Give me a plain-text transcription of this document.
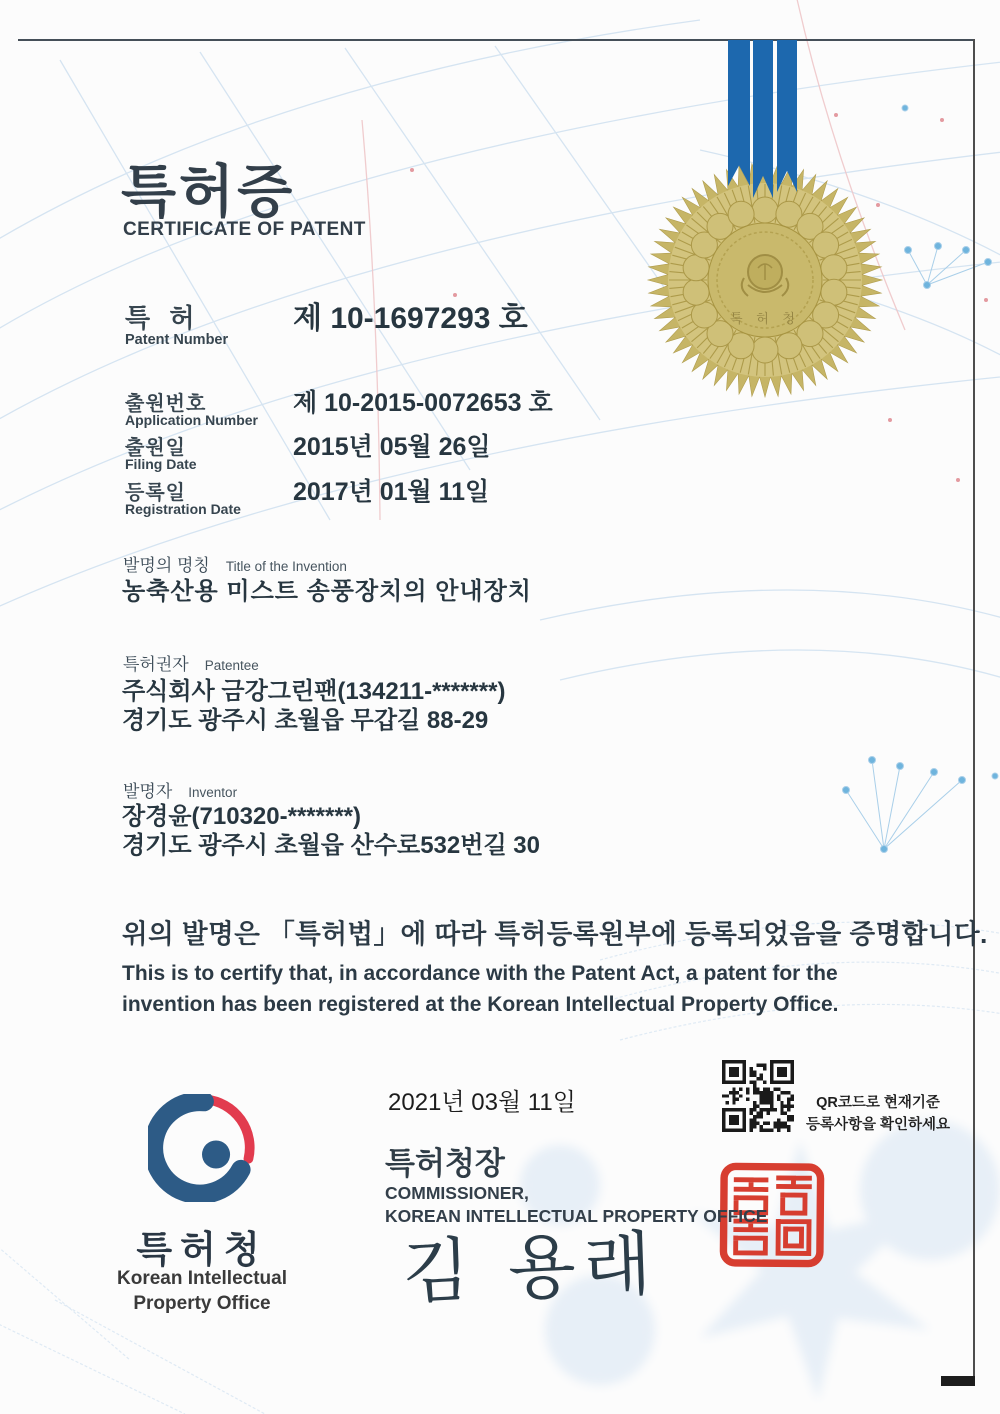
특허증
CERTIFICATE OF PATENT
특 허 청
특 허
Patent Number
제 10-1697293 호
출원번호
Application Number
제 10-2015-0072653 호
출원일
Filing Date
2015년 05월 26일
등록일
Registration Date
2017년 01월 11일
발명의 명칭 Title of the Invention
농축산용 미스트 송풍장치의 안내장치
특허권자 Patentee
주식회사 금강그린팬(134211-*******)
경기도 광주시 초월읍 무갑길 88-29
발명자 Inventor
장경윤(710320-*******)
경기도 광주시 초월읍 산수로532번길 30
위의 발명은 「특허법」에 따라 특허등록원부에 등록되었음을 증명합니다.
This is to certify that, in accordance with the Patent Act, a patent for the
invention has been registered at the Korean Intellectual Property Office.
2021년 03월 11일
특허청장
COMMISSIONER,
KOREAN INTELLECTUAL PROPERTY OFFICE
김 용래
QR코드로 현재기준
등록사항을 확인하세요
특허청
Korean Intellectual
Property Office
